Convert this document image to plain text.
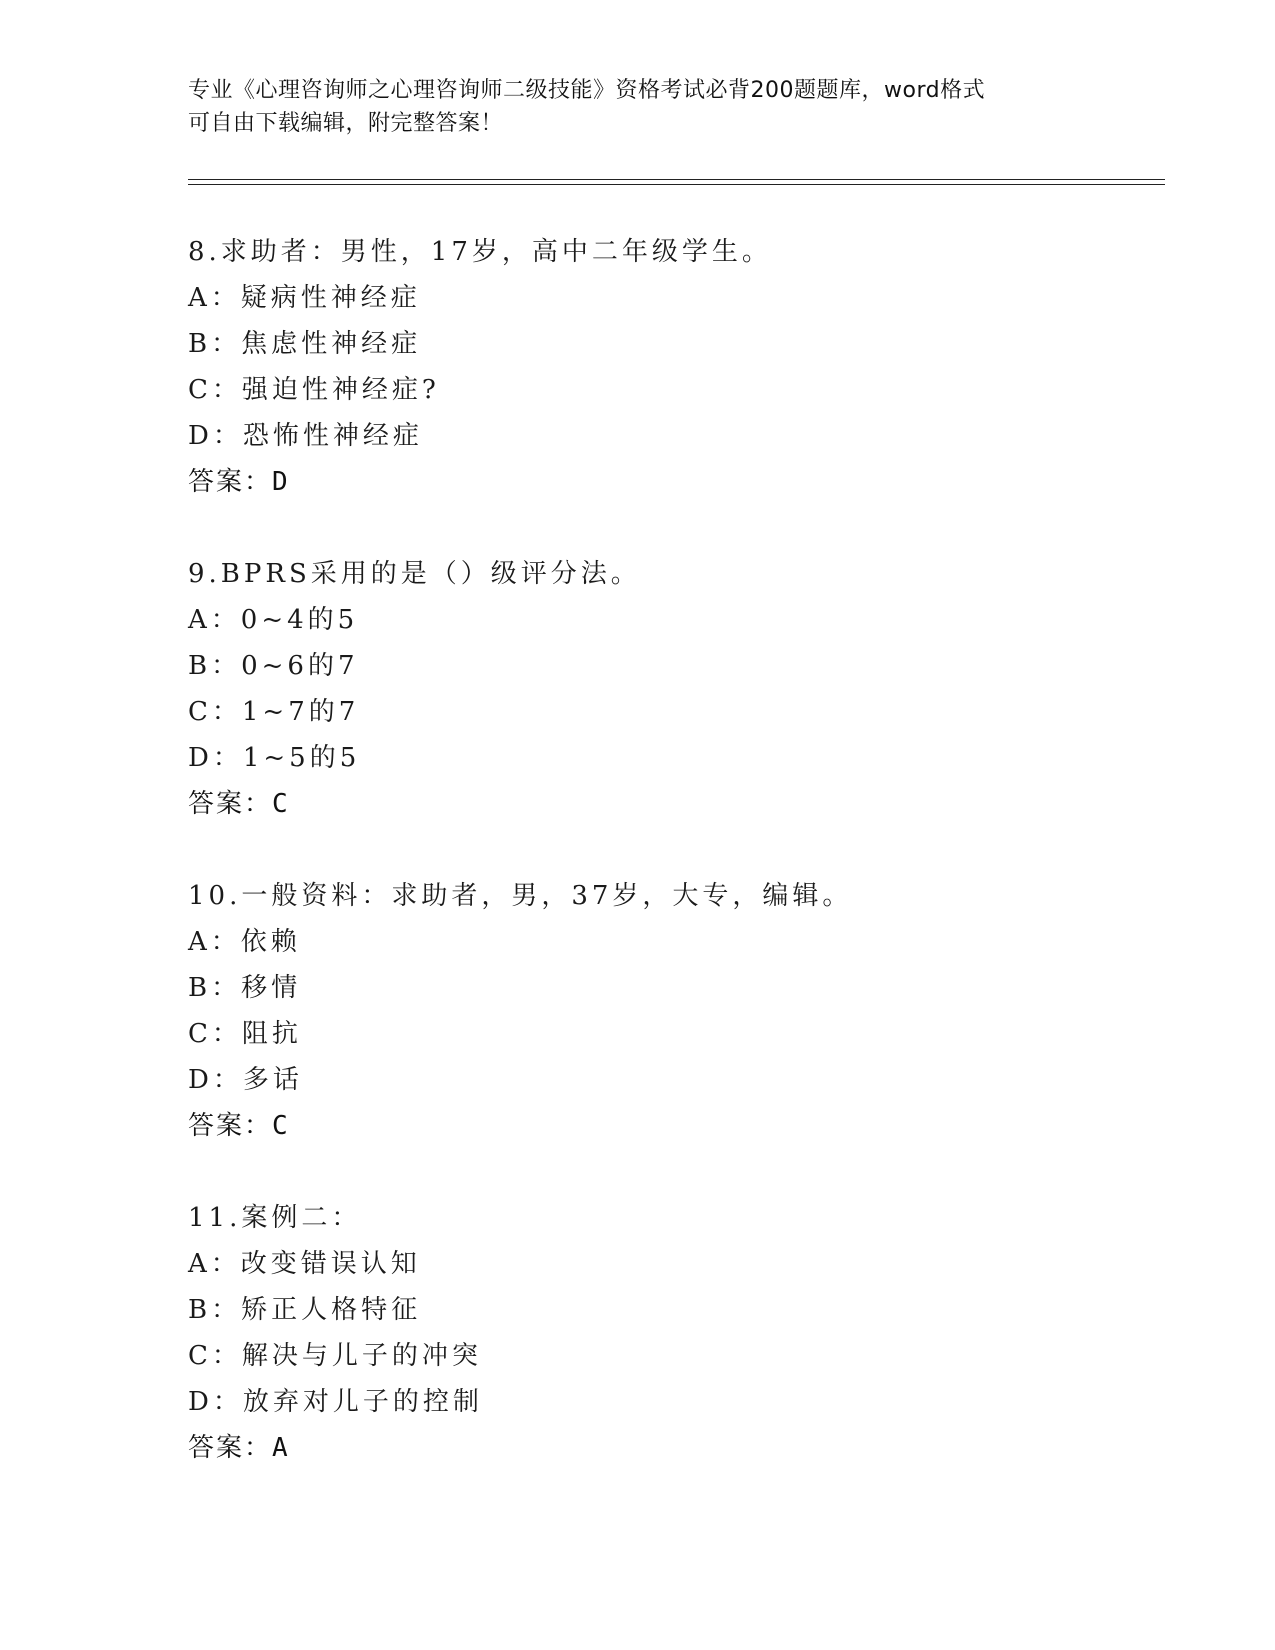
专业《心理咨询师之心理咨询师二级技能》资格考试必背200题题库，word格式
可自由下载编辑，附完整答案！
8.求助者：男性，17岁，高中二年级学生。
A：疑病性神经症
B：焦虑性神经症
C：强迫性神经症?
D：恐怖性神经症
答案：D
9.BPRS采用的是（）级评分法。
A：0~4的5
B：0~6的7
C：1~7的7
D：1~5的5
答案：C
10.一般资料：求助者，男，37岁，大专，编辑。
A：依赖
B：移情
C：阻抗
D：多话
答案：C
11.案例二：
A：改变错误认知
B：矫正人格特征
C：解决与儿子的冲突
D：放弃对儿子的控制
答案：A
